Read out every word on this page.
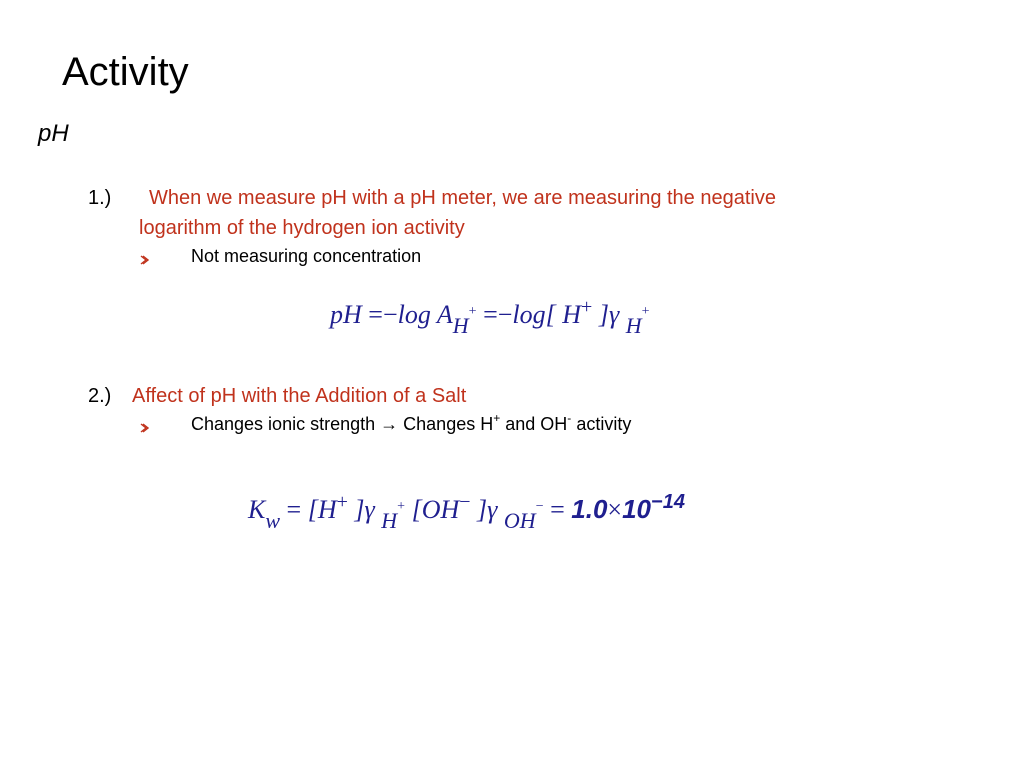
Activity
pH
1.) When we measure pH with a pH meter, we are measuring the negative
logarithm of the hydrogen ion activity
Not measuring concentration
pH =−log $A_H^+ =-\log$[ H+ ]γ $_H$+
2.) Affect of pH with the Addition of a Salt
Changes ionic strength → Changes H+ and OH- activity
$K_w = [H^+$ ]γ $_H$+ [OH− ]γ $_{OH}^- = 1.0\times 10^{-14}$
